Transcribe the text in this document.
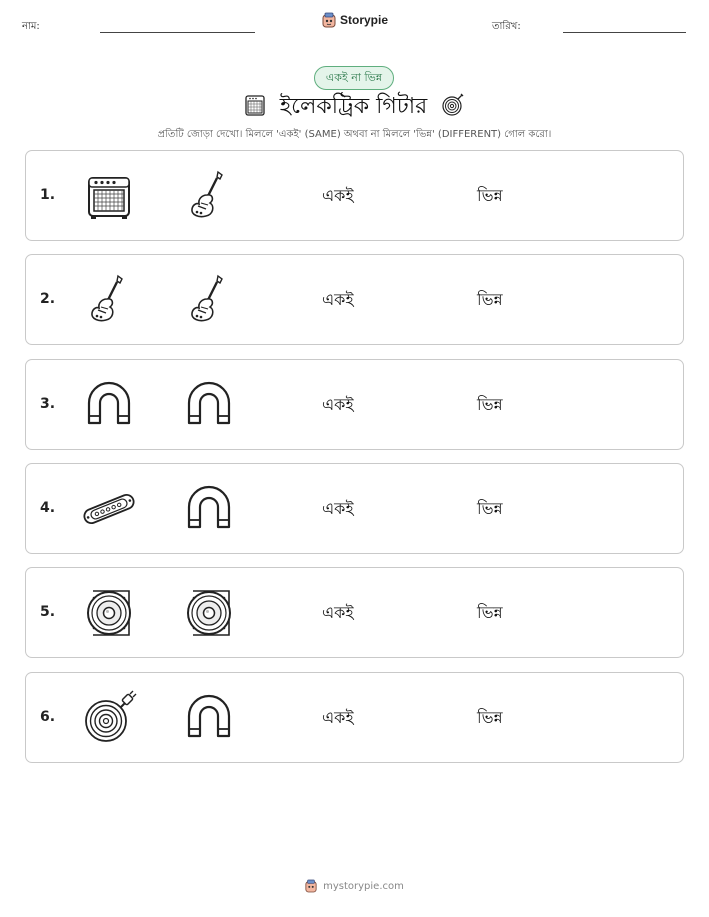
নাম:	Storypie	তারিখ:
একই না ভিন্ন
ইলেকট্রিক গিটার
প্রতিটি জোড়া দেখো। মিললে 'একই' (SAME) অথবা না মিললে 'ভিন্ন' (DIFFERENT) গোল করো।
1.	একই	ভিন্ন
2.	একই	ভিন্ন
3.	একই	ভিন্ন
4.	একই	ভিন্ন
5.	একই	ভিন্ন
6.	একই	ভিন্ন
mystorypie.com
